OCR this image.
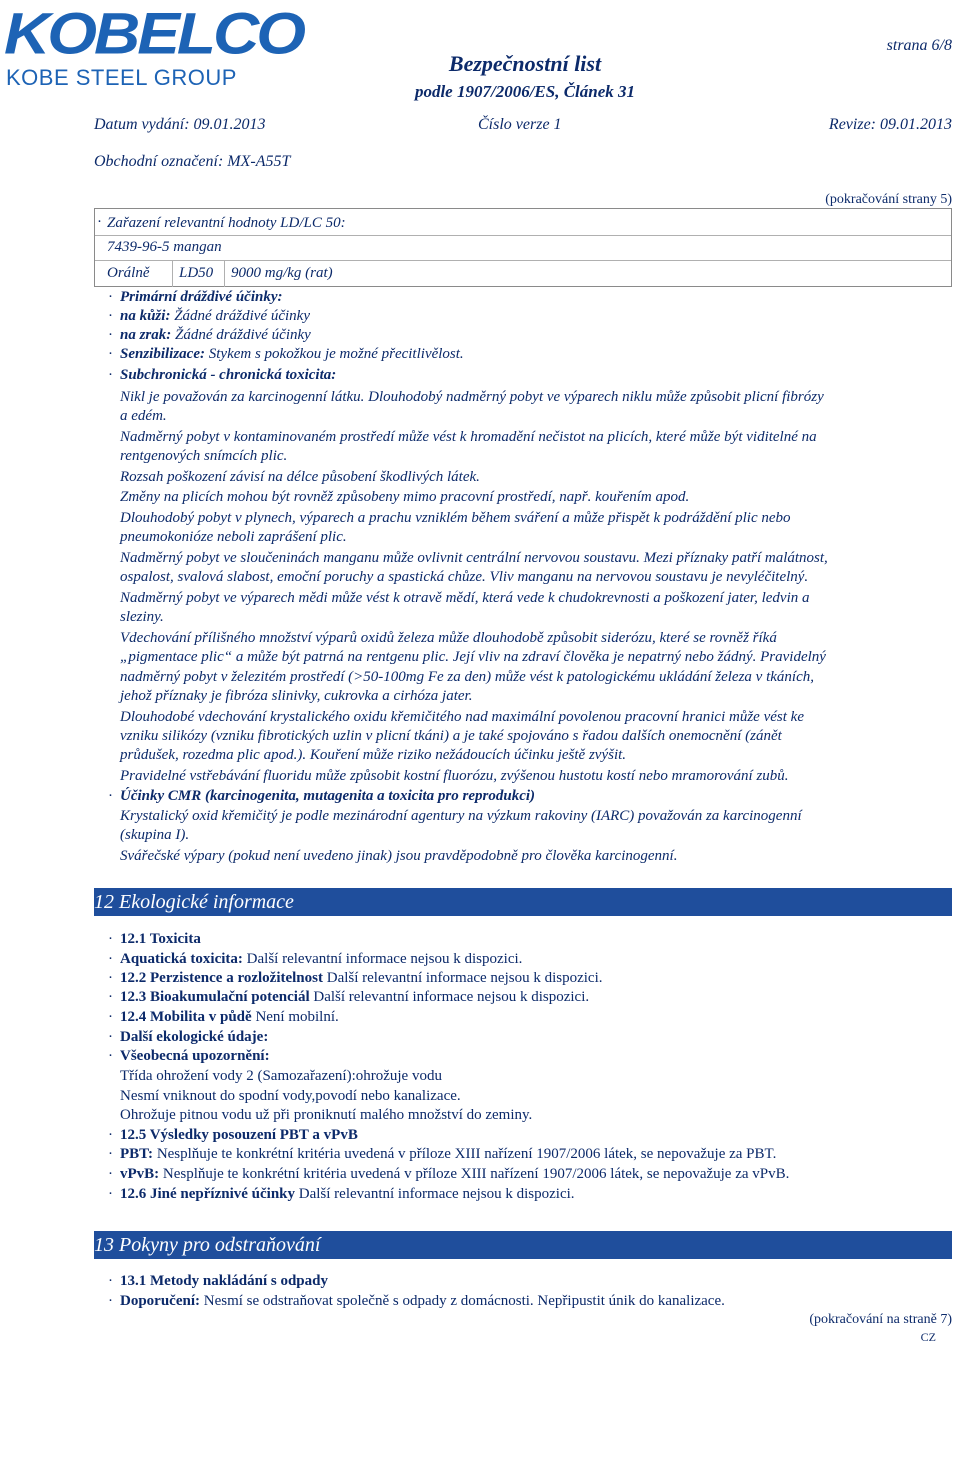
KOBELCO
KOBE STEEL GROUP
strana 6/8
Bezpečnostní list
podle 1907/2006/ES, Článek 31
Datum vydání: 09.01.2013	Číslo verze 1	Revize: 09.01.2013
Obchodní označení: MX-A55T
(pokračování strany 5)
· Zařazení relevantní hodnoty LD/LC 50:
7439-96-5 mangan
Orálně LD50 9000 mg/kg (rat)
· Primární dráždivé účinky:
· na kůži: Žádné dráždivé účinky
· na zrak: Žádné dráždivé účinky
· Senzibilizace: Stykem s pokožkou je možné přecitlivělost.
· Subchronická - chronická toxicita:
Nikl je považován za karcinogenní látku. Dlouhodobý nadměrný pobyt ve výparech niklu může způsobit plicní fibrózy
a edém.
Nadměrný pobyt v kontaminovaném prostředí může vést k hromadění nečistot na plicích, které může být viditelné na
rentgenových snímcích plic.
Rozsah poškození závisí na délce působení škodlivých látek.
Změny na plicích mohou být rovněž způsobeny mimo pracovní prostředí, např. kouřením apod.
Dlouhodobý pobyt v plynech, výparech a prachu vzniklém během sváření a může přispět k podráždění plic nebo
pneumokoniózе neboli zaprášení plic.
Nadměrný pobyt ve sloučeninách manganu může ovlivnit centrální nervovou soustavu. Mezi příznaky patří malátnost,
ospalost, svalová slabost, emoční poruchy a spastická chůze. Vliv manganu na nervovou soustavu je nevyléčitelný.
Nadměrný pobyt ve výparech mědi může vést k otravě mědí, která vede k chudokrevnosti a poškození jater, ledvin a
sleziny.
Vdechování přílišného množství výparů oxidů železa může dlouhodobě způsobit siderózu, které se rovněž říká
„pigmentace plic“ a může být patrná na rentgenu plic. Její vliv na zdraví člověka je nepatrný nebo žádný. Pravidelný
nadměrný pobyt v železitém prostředí (>50-100mg Fe za den) může vést k patologickému ukládání železa v tkáních,
jehož příznaky je fibróza slinivky, cukrovka a cirhóza jater.
Dlouhodobé vdechování krystalického oxidu křemičitého nad maximální povolenou pracovní hranici může vést ke
vzniku silikózy (vzniku fibrotických uzlin v plicní tkáni) a je také spojováno s řadou dalších onemocnění (zánět
průdušek, rozedma plic apod.). Kouření může riziko nežádoucích účinku ještě zvýšit.
Pravidelné vstřebávání fluoridu může způsobit kostní fluorózu, zvýšenou hustotu kostí nebo mramorování zubů.
· Účinky CMR (karcinogenita, mutagenita a toxicita pro reprodukci)
Krystalický oxid křemičitý je podle mezinárodní agentury na výzkum rakoviny (IARC) považován za karcinogenní
(skupina I).
Svářečské výpary (pokud není uvedeno jinak) jsou pravděpodobně pro člověka karcinogenní.
12 Ekologické informace
· 12.1 Toxicita
· Aquatická toxicita: Další relevantní informace nejsou k dispozici.
· 12.2 Perzistence a rozložitelnost Další relevantní informace nejsou k dispozici.
· 12.3 Bioakumulační potenciál Další relevantní informace nejsou k dispozici.
· 12.4 Mobilita v půdě Není mobilní.
· Další ekologické údaje:
· Všeobecná upozornění:
Třída ohrožení vody 2 (Samozařazení):ohrožuje vodu
Nesmí vniknout do spodní vody,povodí nebo kanalizace.
Ohrožuje pitnou vodu už při proniknutí malého množství do zeminy.
· 12.5 Výsledky posouzení PBT a vPvB
· PBT: Nesplňuje te konkrétní kritéria uvedená v příloze XIII nařízení 1907/2006 látek, se nepovažuje za PBT.
· vPvB: Nesplňuje te konkrétní kritéria uvedená v příloze XIII nařízení 1907/2006 látek, se nepovažuje za vPvB.
· 12.6 Jiné nepříznivé účinky Další relevantní informace nejsou k dispozici.
13 Pokyny pro odstraňování
· 13.1 Metody nakládání s odpady
· Doporučení: Nesmí se odstraňovat společně s odpady z domácnosti. Nepřipustit únik do kanalizace.
(pokračování na straně 7)
CZ
